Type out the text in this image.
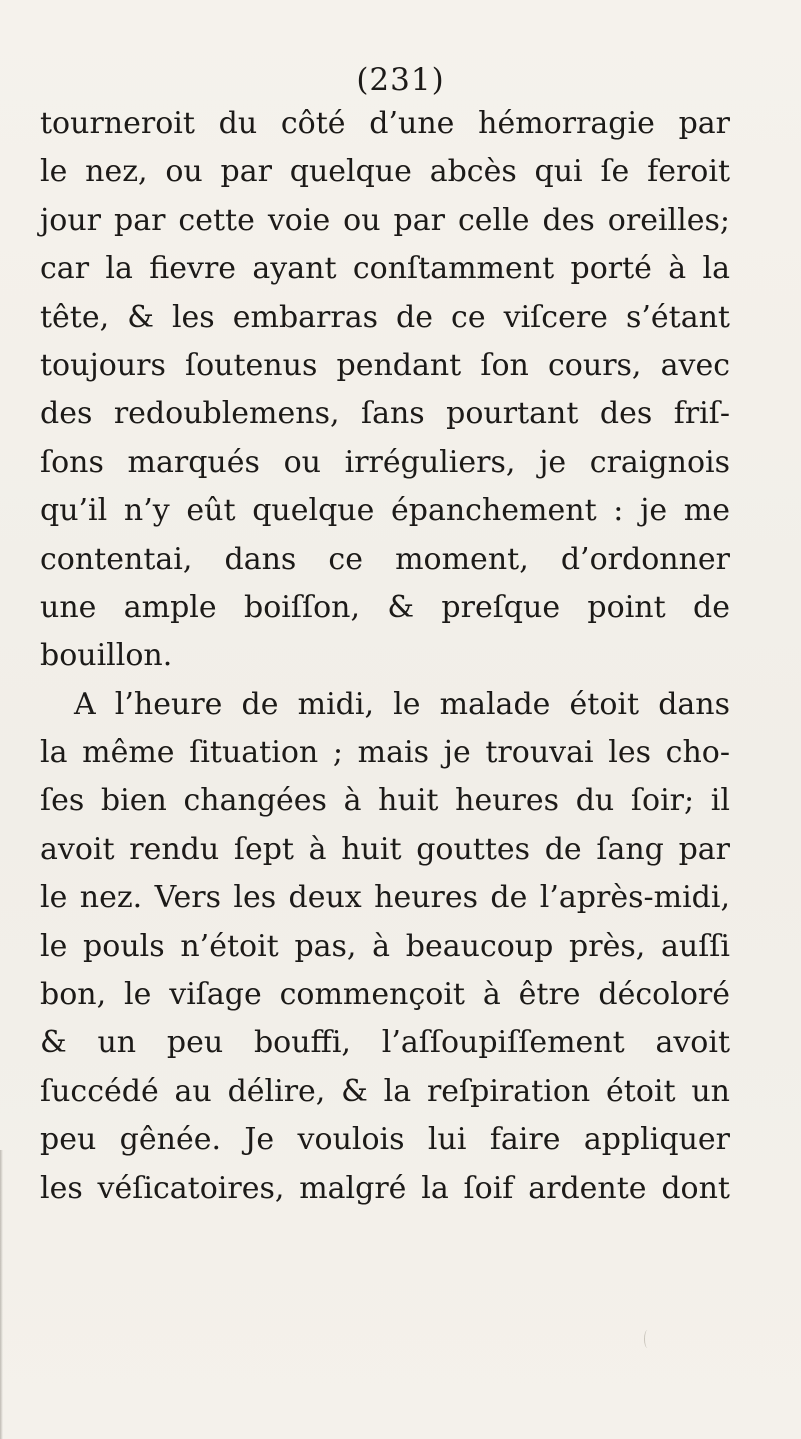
(231)
tourneroit du côté d’une hémorragie par
le nez, ou par quelque abcès qui ſe feroit
jour par cette voie ou par celle des oreilles;
car la fievre ayant conſtamment porté à la
tête, & les embarras de ce viſcere s’étant
toujours ſoutenus pendant ſon cours, avec
des redoublemens, ſans pourtant des friſ-
ſons marqués ou irréguliers, je craignois
qu’il n’y eût quelque épanchement : je me
contentai, dans ce moment, d’ordonner
une ample boiſſon, & preſque point de
bouillon.
A l’heure de midi, le malade étoit dans
la même ſituation ; mais je trouvai les cho-
ſes bien changées à huit heures du ſoir; il
avoit rendu ſept à huit gouttes de ſang par
le nez. Vers les deux heures de l’après-midi,
le pouls n’étoit pas, à beaucoup près, auſſi
bon, le viſage commençoit à être décoloré
& un peu bouffi, l’aſſoupiſſement avoit
ſuccédé au délire, & la reſpiration étoit un
peu gênée. Je voulois lui faire appliquer
les véſicatoires, malgré la ſoif ardente dont
